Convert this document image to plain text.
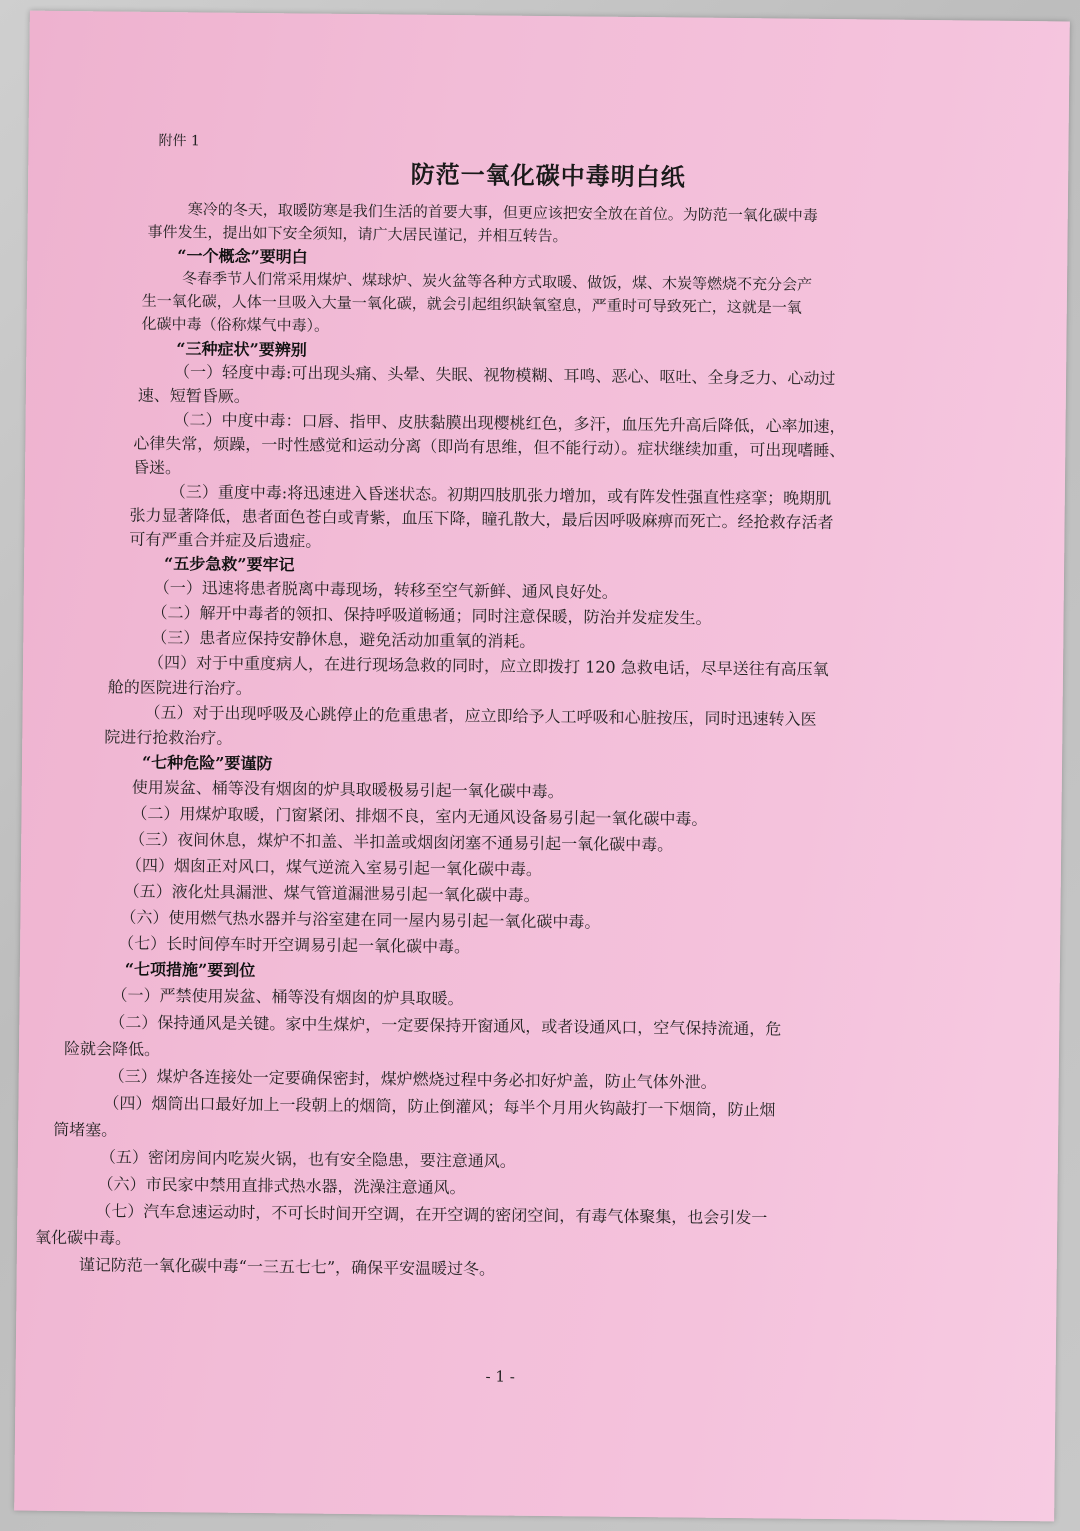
附件 1
防范一氧化碳中毒明白纸
寒冷的冬天，取暖防寒是我们生活的首要大事，但更应该把安全放在首位。为防范一氧化碳中毒
事件发生，提出如下安全须知，请广大居民谨记，并相互转告。
“一个概念”要明白
冬春季节人们常采用煤炉、煤球炉、炭火盆等各种方式取暖、做饭，煤、木炭等燃烧不充分会产
生一氧化碳，人体一旦吸入大量一氧化碳，就会引起组织缺氧窒息，严重时可导致死亡，这就是一氧
化碳中毒（俗称煤气中毒）。
“三种症状”要辨别
（一）轻度中毒:可出现头痛、头晕、失眠、视物模糊、耳鸣、恶心、呕吐、全身乏力、心动过
速、短暂昏厥。
（二）中度中毒：口唇、指甲、皮肤黏膜出现樱桃红色，多汗，血压先升高后降低，心率加速，
心律失常，烦躁，一时性感觉和运动分离（即尚有思维，但不能行动）。症状继续加重，可出现嗜睡、
昏迷。
（三）重度中毒:将迅速进入昏迷状态。初期四肢肌张力增加，或有阵发性强直性痉挛；晚期肌
张力显著降低，患者面色苍白或青紫，血压下降，瞳孔散大，最后因呼吸麻痹而死亡。经抢救存活者
可有严重合并症及后遗症。
“五步急救”要牢记
（一）迅速将患者脱离中毒现场，转移至空气新鲜、通风良好处。
（二）解开中毒者的领扣、保持呼吸道畅通；同时注意保暖，防治并发症发生。
（三）患者应保持安静休息，避免活动加重氧的消耗。
（四）对于中重度病人，在进行现场急救的同时，应立即拨打 120 急救电话，尽早送往有高压氧
舱的医院进行治疗。
（五）对于出现呼吸及心跳停止的危重患者，应立即给予人工呼吸和心脏按压，同时迅速转入医
院进行抢救治疗。
“七种危险”要谨防
使用炭盆、桶等没有烟囱的炉具取暖极易引起一氧化碳中毒。
（二）用煤炉取暖，门窗紧闭、排烟不良，室内无通风设备易引起一氧化碳中毒。
（三）夜间休息，煤炉不扣盖、半扣盖或烟囱闭塞不通易引起一氧化碳中毒。
（四）烟囱正对风口，煤气逆流入室易引起一氧化碳中毒。
（五）液化灶具漏泄、煤气管道漏泄易引起一氧化碳中毒。
（六）使用燃气热水器并与浴室建在同一屋内易引起一氧化碳中毒。
（七）长时间停车时开空调易引起一氧化碳中毒。
“七项措施”要到位
（一）严禁使用炭盆、桶等没有烟囱的炉具取暖。
（二）保持通风是关键。家中生煤炉，一定要保持开窗通风，或者设通风口，空气保持流通，危
险就会降低。
（三）煤炉各连接处一定要确保密封，煤炉燃烧过程中务必扣好炉盖，防止气体外泄。
（四）烟筒出口最好加上一段朝上的烟筒，防止倒灌风；每半个月用火钩敲打一下烟筒，防止烟
筒堵塞。
（五）密闭房间内吃炭火锅，也有安全隐患，要注意通风。
（六）市民家中禁用直排式热水器，洗澡注意通风。
（七）汽车怠速运动时，不可长时间开空调，在开空调的密闭空间，有毒气体聚集，也会引发一
氧化碳中毒。
谨记防范一氧化碳中毒“一三五七七”，确保平安温暖过冬。
- 1 -
